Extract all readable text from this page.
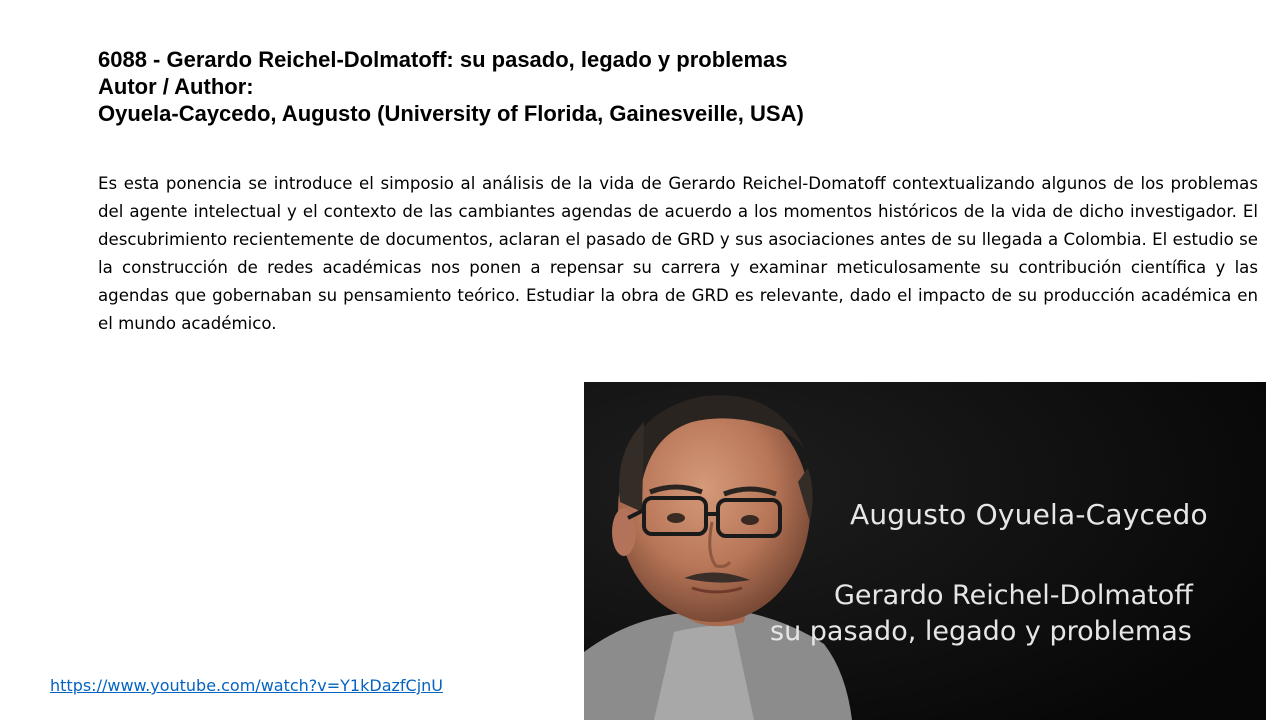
6088 - Gerardo Reichel-Dolmatoff: su pasado, legado y problemas
Autor / Author:
Oyuela-Caycedo, Augusto (University of Florida, Gainesveille, USA)

Es esta ponencia se introduce el simposio al análisis de la vida de Gerardo Reichel-Domatoff contextualizando algunos de los problemas del agente intelectual y el contexto de las cambiantes agendas de acuerdo a los momentos históricos de la vida de dicho investigador. El descubrimiento recientemente de documentos, aclaran el pasado de GRD y sus asociaciones antes de su llegada a Colombia. El estudio se la construcción de redes académicas nos ponen a repensar su carrera y examinar meticulosamente su contribución científica y las agendas que gobernaban su pensamiento teórico. Estudiar la obra de GRD es relevante, dado el impacto de su producción académica en el mundo académico.

Augusto Oyuela-Caycedo
Gerardo Reichel-Dolmatoff
su pasado, legado y problemas
https://www.youtube.com/watch?v=Y1kDazfCjnU
